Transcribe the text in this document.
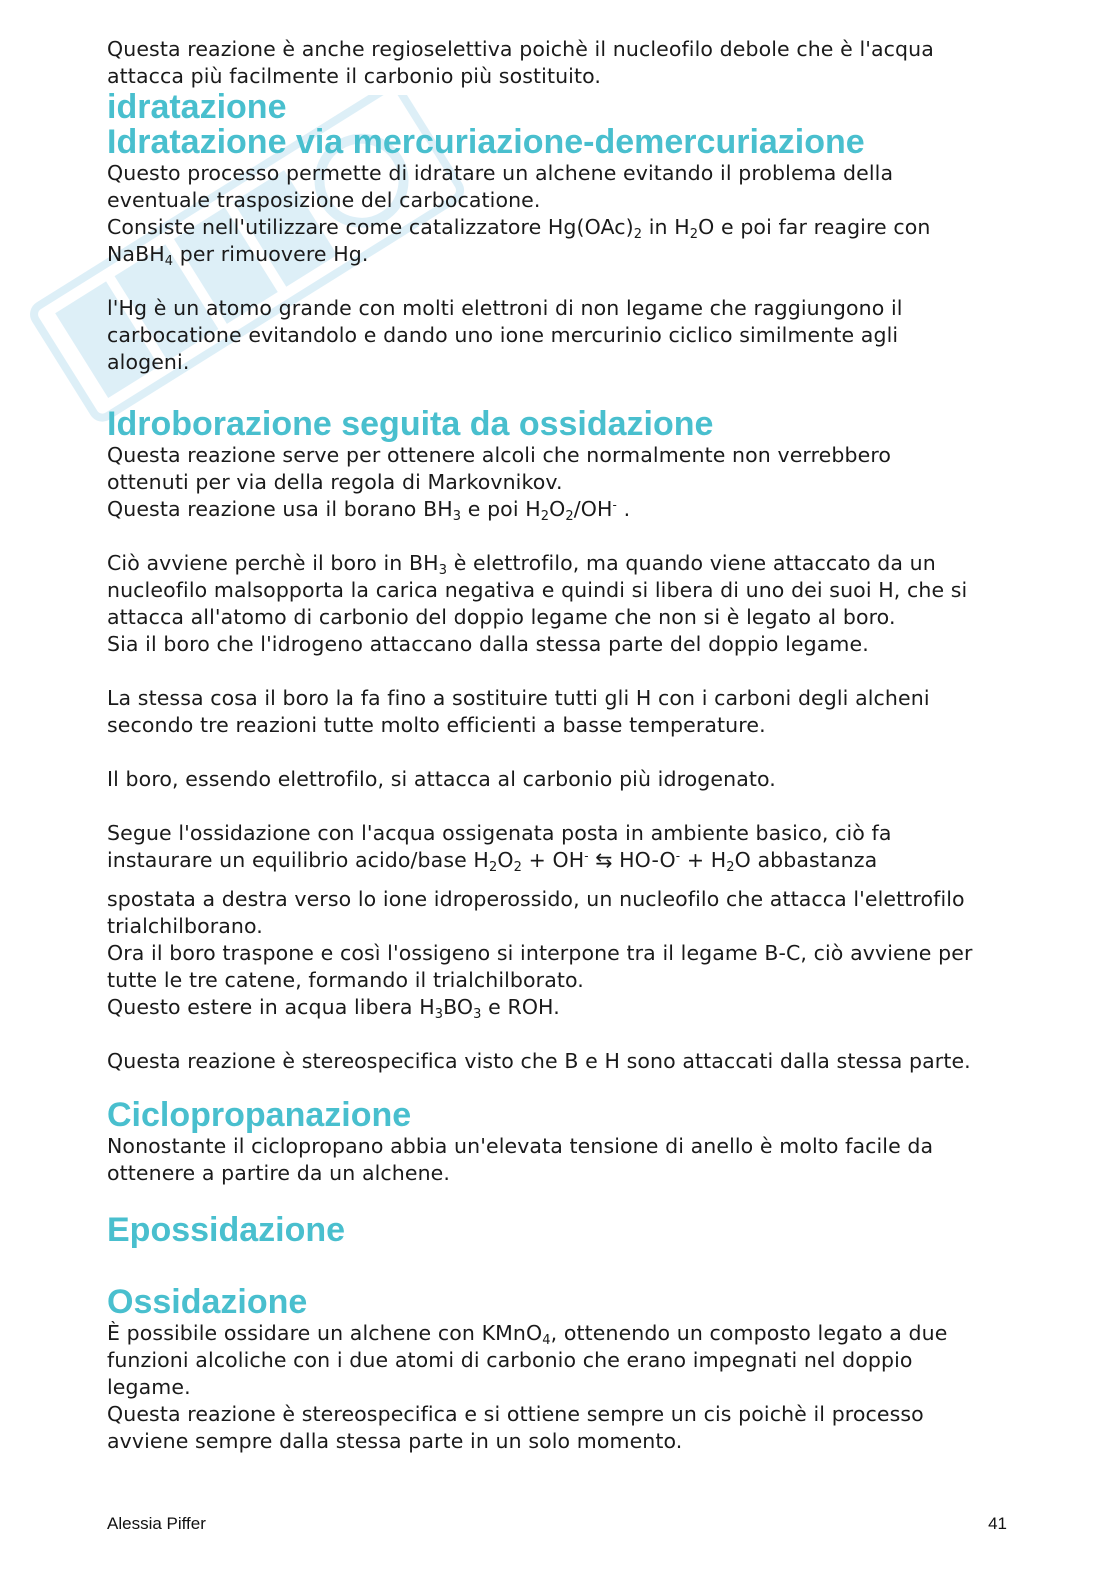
Questa reazione è anche regioselettiva poichè il nucleofilo debole che è l'acqua
attacca più facilmente il carbonio più sostituito.

idratazione
Idratazione via mercuriazione-demercuriazione

Questo processo permette di idratare un alchene evitando il problema della
eventuale trasposizione del carbocatione.
Consiste nell'utilizzare come catalizzatore $Hg(OAc)_2$ in $H_2O$ e poi far reagire con
NaBH$_4$ per rimuovere Hg.

l'Hg è un atomo grande con molti elettroni di non legame che raggiungono il
carbocatione evitandolo e dando uno ione mercurinio ciclico similmente agli
alogeni.

Idroborazione seguita da ossidazione

Questa reazione serve per ottenere alcoli che normalmente non verrebbero
ottenuti per via della regola di Markovnikov.
Questa reazione usa il borano $BH_3$ e poi $H_2O_2/OH^-$ .

Ciò avviene perchè il boro in $BH_3$ è elettrofilo, ma quando viene attaccato da un
nucleofilo malsopporta la carica negativa e quindi si libera di uno dei suoi H, che si
attacca all'atomo di carbonio del doppio legame che non si è legato al boro.
Sia il boro che l'idrogeno attaccano dalla stessa parte del doppio legame.

La stessa cosa il boro la fa fino a sostituire tutti gli H con i carboni degli alcheni
secondo tre reazioni tutte molto efficienti a basse temperature.

Il boro, essendo elettrofilo, si attacca al carbonio più idrogenato.

Segue l'ossidazione con l'acqua ossigenata posta in ambiente basico, ciò fa
instaurare un equilibrio acido/base $H_2O_2 + OH^-$ ⇆ $HO-O^- + H_2O$ abbastanza
spostata a destra verso lo ione idroperossido, un nucleofilo che attacca l'elettrofilo
trialchilborano.
Ora il boro traspone e così l'ossigeno si interpone tra il legame B-C, ciò avviene per
tutte le tre catene, formando il trialchilborato.
Questo estere in acqua libera $H_3BO_3$ e ROH.

Questa reazione è stereospecifica visto che B e H sono attaccati dalla stessa parte.

Ciclopropanazione

Nonostante il ciclopropano abbia un'elevata tensione di anello è molto facile da
ottenere a partire da un alchene.

Epossidazione
Ossidazione

È possibile ossidare un alchene con KMnO$_4$, ottenendo un composto legato a due
funzioni alcoliche con i due atomi di carbonio che erano impegnati nel doppio
legame.
Questa reazione è stereospecifica e si ottiene sempre un cis poichè il processo
avviene sempre dalla stessa parte in un solo momento.

Alessia Piffer	41
